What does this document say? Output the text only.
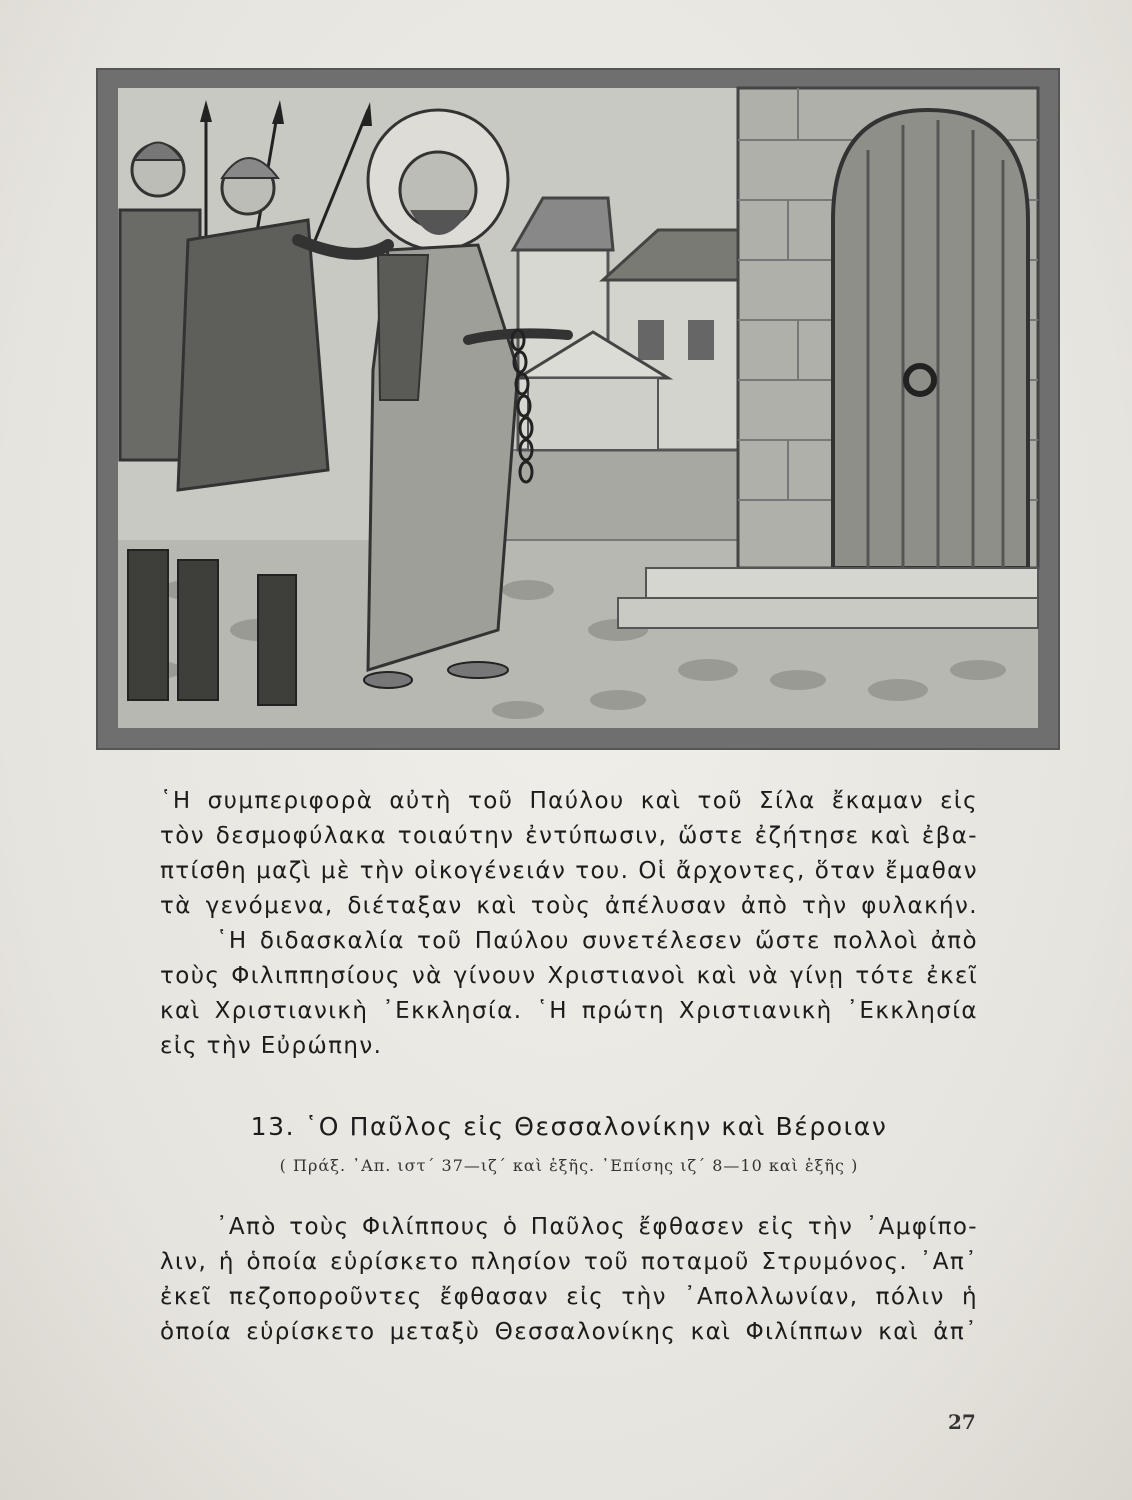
῾Η συμπεριφορὰ αὐτὴ τοῦ Παύλου καὶ τοῦ Σίλα ἔκαμαν εἰς

τὸν δεσμοφύλακα τοιαύτην ἐντύπωσιν, ὥστε ἐζήτησε καὶ ἐβα-

πτίσθη μαζὶ μὲ τὴν οἰκογένειάν του. Οἱ ἄρχοντες, ὅταν ἔμαθαν

τὰ γενόμενα, διέταξαν καὶ τοὺς ἀπέλυσαν ἀπὸ τὴν φυλακήν.

῾Η διδασκαλία τοῦ Παύλου συνετέλεσεν ὥστε πολλοὶ ἀπὸ

τοὺς Φιλιππησίους νὰ γίνουν Χριστιανοὶ καὶ νὰ γίνῃ τότε ἐκεῖ

καὶ Χριστιανικὴ ᾿Εκκλησία. ῾Η πρώτη Χριστιανικὴ ᾿Εκκλησία

εἰς τὴν Εὐρώπην.

13. ῾Ο Παῦλος εἰς Θεσσαλονίκην καὶ Βέροιαν
( Πράξ. ᾿Απ. ιστ΄ 37—ιζ΄ καὶ ἑξῆς. ᾿Επίσης ιζ΄ 8—10 καὶ ἑξῆς )

᾿Απὸ τοὺς Φιλίππους ὁ Παῦλος ἔφθασεν εἰς τὴν ᾿Αμφίπο-

λιν, ἡ ὁποία εὑρίσκετο πλησίον τοῦ ποταμοῦ Στρυμόνος. ᾿Απ᾿

ἐκεῖ πεζοποροῦντες ἔφθασαν εἰς τὴν ᾿Απολλωνίαν, πόλιν ἡ

ὁποία εὑρίσκετο μεταξὺ Θεσσαλονίκης καὶ Φιλίππων καὶ ἀπ᾿

27
